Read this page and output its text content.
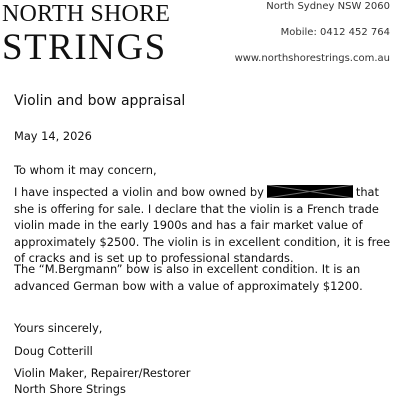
NORTH SHORE
STRINGS
North Sydney NSW 2060
Mobile: 0412 452 764
www.northshorestrings.com.au
Violin and bow appraisal
May 14, 2026
To whom it may concern,
I have inspected a violin and bow owned by	that she is offering for sale. I declare that the violin is a French trade violin made in the early 1900s and has a fair market value of approximately $2500. The violin is in excellent condition, it is free of cracks and is set up to professional standards.
The “M.Bergmann” bow is also in excellent condition. It is an advanced German bow with a value of approximately $1200.
Yours sincerely,
Doug Cotterill
Violin Maker, Repairer/Restorer
North Shore Strings
